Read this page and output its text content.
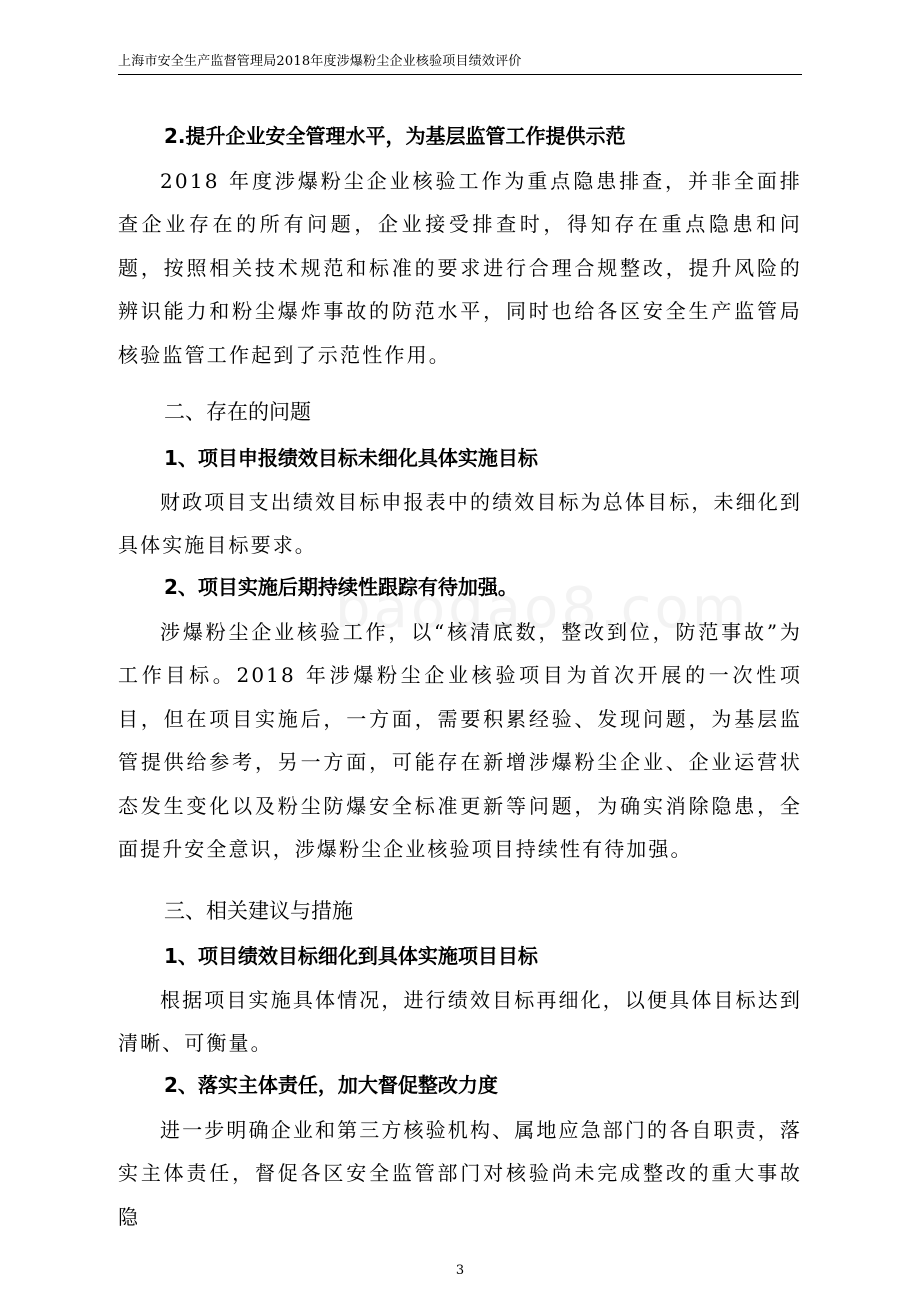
上海市安全生产监督管理局2018年度涉爆粉尘企业核验项目绩效评价
2.提升企业安全管理水平，为基层监管工作提供示范
2018 年度涉爆粉尘企业核验工作为重点隐患排查，并非全面排查企业存在的所有问题，企业接受排查时，得知存在重点隐患和问题，按照相关技术规范和标准的要求进行合理合规整改，提升风险的辨识能力和粉尘爆炸事故的防范水平，同时也给各区安全生产监管局核验监管工作起到了示范性作用。
二、存在的问题
1、项目申报绩效目标未细化具体实施目标
财政项目支出绩效目标申报表中的绩效目标为总体目标，未细化到具体实施目标要求。
2、项目实施后期持续性跟踪有待加强。
涉爆粉尘企业核验工作，以“核清底数，整改到位，防范事故”为工作目标。2018 年涉爆粉尘企业核验项目为首次开展的一次性项目，但在项目实施后，一方面，需要积累经验、发现问题，为基层监管提供给参考，另一方面，可能存在新增涉爆粉尘企业、企业运营状态发生变化以及粉尘防爆安全标准更新等问题，为确实消除隐患，全面提升安全意识，涉爆粉尘企业核验项目持续性有待加强。
三、相关建议与措施
1、项目绩效目标细化到具体实施项目目标
根据项目实施具体情况，进行绩效目标再细化，以便具体目标达到清晰、可衡量。
2、落实主体责任，加大督促整改力度
进一步明确企业和第三方核验机构、属地应急部门的各自职责，落实主体责任，督促各区安全监管部门对核验尚未完成整改的重大事故隐
3
